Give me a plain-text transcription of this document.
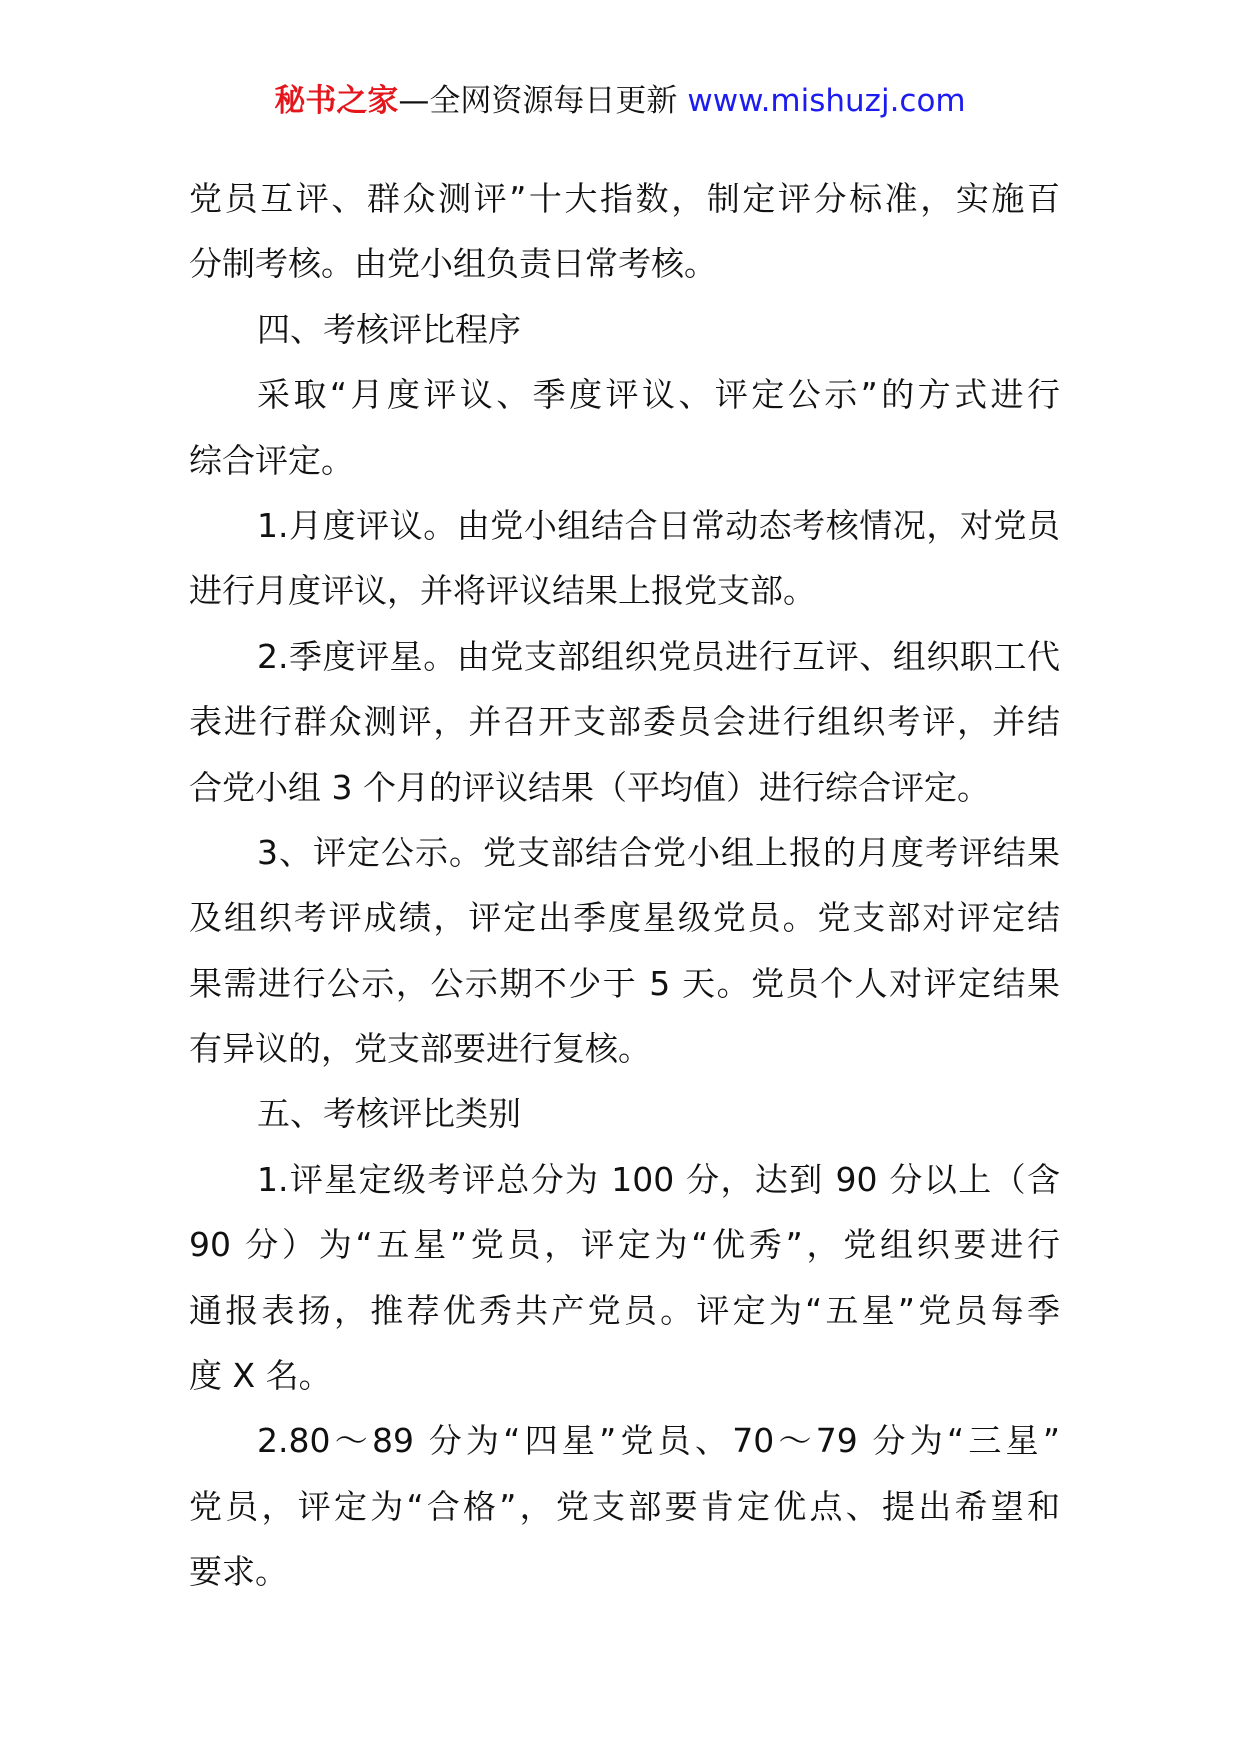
秘书之家—全网资源每日更新 www.mishuzj.com
党员互评、群众测评”十大指数，制定评分标准，实施百
分制考核。由党小组负责日常考核。
四、考核评比程序
采取“月度评议、季度评议、评定公示”的方式进行
综合评定。
1.月度评议。由党小组结合日常动态考核情况，对党员
进行月度评议，并将评议结果上报党支部。
2.季度评星。由党支部组织党员进行互评、组织职工代
表进行群众测评，并召开支部委员会进行组织考评，并结
合党小组 3 个月的评议结果（平均值）进行综合评定。
3、评定公示。党支部结合党小组上报的月度考评结果
及组织考评成绩，评定出季度星级党员。党支部对评定结
果需进行公示，公示期不少于 5 天。党员个人对评定结果
有异议的，党支部要进行复核。
五、考核评比类别
1.评星定级考评总分为 100 分，达到 90 分以上（含
90 分）为“五星”党员，评定为“优秀”，党组织要进行
通报表扬，推荐优秀共产党员。评定为“五星”党员每季
度 X 名。
2.80～89 分为“四星”党员、70～79 分为“三星”
党员，评定为“合格”，党支部要肯定优点、提出希望和
要求。
